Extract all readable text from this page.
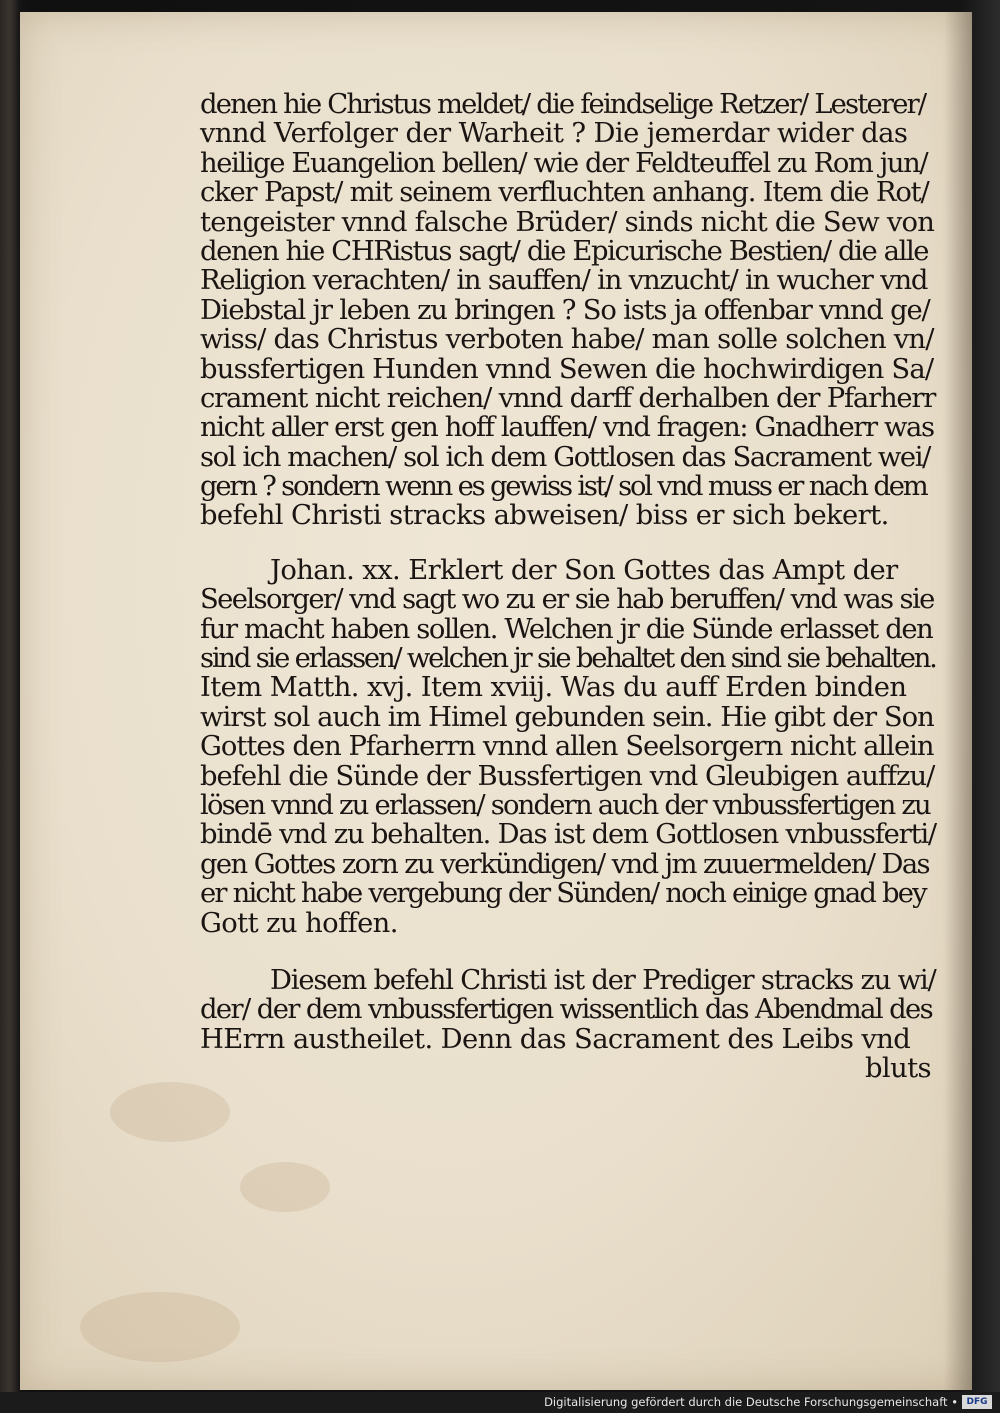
denen hie Christus meldet/ die feindselige Retzer/ Lesterer/
vnnd Verfolger der Warheit ? Die jemerdar wider das
heilige Euangelion bellen/ wie der Feldteuffel zu Rom jun/
cker Papst/ mit seinem verfluchten anhang. Item die Rot/
tengeister vnnd falsche Brüder/ sinds nicht die Sew von
denen hie CHRistus sagt/ die Epicurische Bestien/ die alle
Religion verachten/ in sauffen/ in vnzucht/ in wucher vnd
Diebstal jr leben zu bringen ? So ists ja offenbar vnnd ge/
wiss/ das Christus verboten habe/ man solle solchen vn/
bussfertigen Hunden vnnd Sewen die hochwirdigen Sa/
crament nicht reichen/ vnnd darff derhalben der Pfarherr
nicht aller erst gen hoff lauffen/ vnd fragen: Gnadherr was
sol ich machen/ sol ich dem Gottlosen das Sacrament wei/
gern ? sondern wenn es gewiss ist/ sol vnd muss er nach dem
befehl Christi stracks abweisen/ biss er sich bekert.
Johan. xx. Erklert der Son Gottes das Ampt der
Seelsorger/ vnd sagt wo zu er sie hab beruffen/ vnd was sie
fur macht haben sollen. Welchen jr die Sünde erlasset den
sind sie erlassen/ welchen jr sie behaltet den sind sie behalten.
Item Matth. xvj. Item xviij. Was du auff Erden binden
wirst sol auch im Himel gebunden sein. Hie gibt der Son
Gottes den Pfarherrn vnnd allen Seelsorgern nicht allein
befehl die Sünde der Bussfertigen vnd Gleubigen auffzu/
lösen vnnd zu erlassen/ sondern auch der vnbussfertigen zu
bindē vnd zu behalten. Das ist dem Gottlosen vnbussferti/
gen Gottes zorn zu verkündigen/ vnd jm zuuermelden/ Das
er nicht habe vergebung der Sünden/ noch einige gnad bey
Gott zu hoffen.
Diesem befehl Christi ist der Prediger stracks zu wi/
der/ der dem vnbussfertigen wissentlich das Abendmal des
HErrn austheilet. Denn das Sacrament des Leibs vnd
bluts
Digitalisierung gefördert durch die Deutsche Forschungsgemeinschaft • DFG
